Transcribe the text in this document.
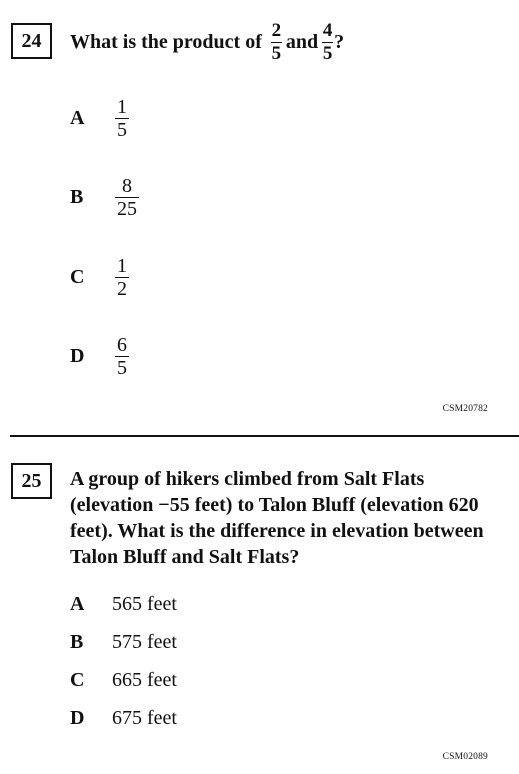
24	What is the product of
$\frac{2}{5}$ and $\frac{4}{5}$ ?
A	$\frac{1}{5}$
B	$\frac{8}{25}$
C	$\frac{1}{2}$
D	$\frac{6}{5}$
CSM20782
25	A group of hikers climbed from Salt Flats (elevation −55 feet) to Talon Bluff (elevation 620 feet). What is the difference in elevation between Talon Bluff and Salt Flats?
A 565 feet
B 575 feet
C 665 feet
D 675 feet
CSM02089
